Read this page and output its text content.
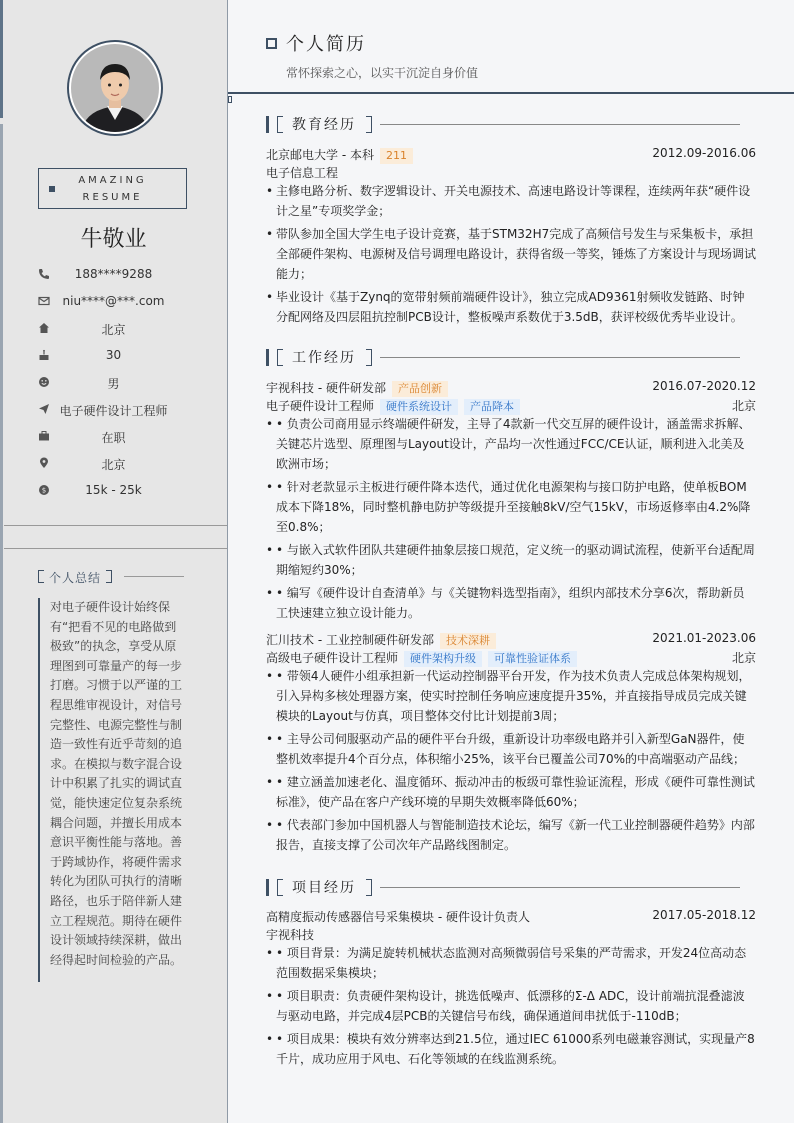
AMAZING
RESUME
牛敬业
188****9288
niu****@***.com
北京
30
男
电子硬件设计工程师
在职
北京
$	15k - 25k
个人总结
对电子硬件设计始终保有“把看不见的电路做到极致”的执念，享受从原理图到可靠量产的每一步打磨。习惯于以严谨的工程思维审视设计，对信号完整性、电源完整性与制造一致性有近乎苛刻的追求。在模拟与数字混合设计中积累了扎实的调试直觉，能快速定位复杂系统耦合问题，并擅长用成本意识平衡性能与落地。善于跨域协作，将硬件需求转化为团队可执行的清晰路径，也乐于陪伴新人建立工程规范。期待在硬件设计领域持续深耕，做出经得起时间检验的产品。
个人简历
常怀探索之心，以实干沉淀自身价值
教育经历
北京邮电大学 - 本科 211	2012.09-2016.06
电子信息工程
• 主修电路分析、数字逻辑设计、开关电源技术、高速电路设计等课程，连续两年获“硬件设计之星”专项奖学金；
• 带队参加全国大学生电子设计竞赛，基于STM32H7完成了高频信号发生与采集板卡，承担全部硬件架构、电源树及信号调理电路设计，获得省级一等奖，锤炼了方案设计与现场调试能力；
• 毕业设计《基于Zynq的宽带射频前端硬件设计》，独立完成AD9361射频收发链路、时钟分配网络及四层阻抗控制PCB设计，整板噪声系数优于3.5dB，获评校级优秀毕业设计。
工作经历
宇视科技 - 硬件研发部 产品创新	2016.07-2020.12
电子硬件设计工程师 硬件系统设计 产品降本	北京
• • 负责公司商用显示终端硬件研发，主导了4款新一代交互屏的硬件设计，涵盖需求拆解、关键芯片选型、原理图与Layout设计，产品均一次性通过FCC/CE认证，顺利进入北美及欧洲市场；
• • 针对老款显示主板进行硬件降本迭代，通过优化电源架构与接口防护电路，使单板BOM成本下降18%，同时整机静电防护等级提升至接触8kV/空气15kV，市场返修率由4.2%降至0.8%；
• • 与嵌入式软件团队共建硬件抽象层接口规范，定义统一的驱动调试流程，使新平台适配周期缩短约30%；
• • 编写《硬件设计自查清单》与《关键物料选型指南》，组织内部技术分享6次，帮助新员工快速建立独立设计能力。
汇川技术 - 工业控制硬件研发部 技术深耕	2021.01-2023.06
高级电子硬件设计工程师 硬件架构升级 可靠性验证体系	北京
• • 带领4人硬件小组承担新一代运动控制器平台开发，作为技术负责人完成总体架构规划，引入异构多核处理器方案，使实时控制任务响应速度提升35%，并直接指导成员完成关键模块的Layout与仿真，项目整体交付比计划提前3周；
• • 主导公司伺服驱动产品的硬件平台升级，重新设计功率级电路并引入新型GaN器件，使整机效率提升4个百分点，体积缩小25%，该平台已覆盖公司70%的中高端驱动产品线；
• • 建立涵盖加速老化、温度循环、振动冲击的板级可靠性验证流程，形成《硬件可靠性测试标准》，使产品在客户产线环境的早期失效概率降低60%；
• • 代表部门参加中国机器人与智能制造技术论坛，编写《新一代工业控制器硬件趋势》内部报告，直接支撑了公司次年产品路线图制定。
项目经历
高精度振动传感器信号采集模块 - 硬件设计负责人	2017.05-2018.12
宇视科技
• • 项目背景：为满足旋转机械状态监测对高频微弱信号采集的严苛需求，开发24位高动态范围数据采集模块；
• • 项目职责：负责硬件架构设计，挑选低噪声、低漂移的Σ-Δ ADC，设计前端抗混叠滤波与驱动电路，并完成4层PCB的关键信号布线，确保通道间串扰低于-110dB；
• • 项目成果：模块有效分辨率达到21.5位，通过IEC 61000系列电磁兼容测试，实现量产8千片，成功应用于风电、石化等领域的在线监测系统。
